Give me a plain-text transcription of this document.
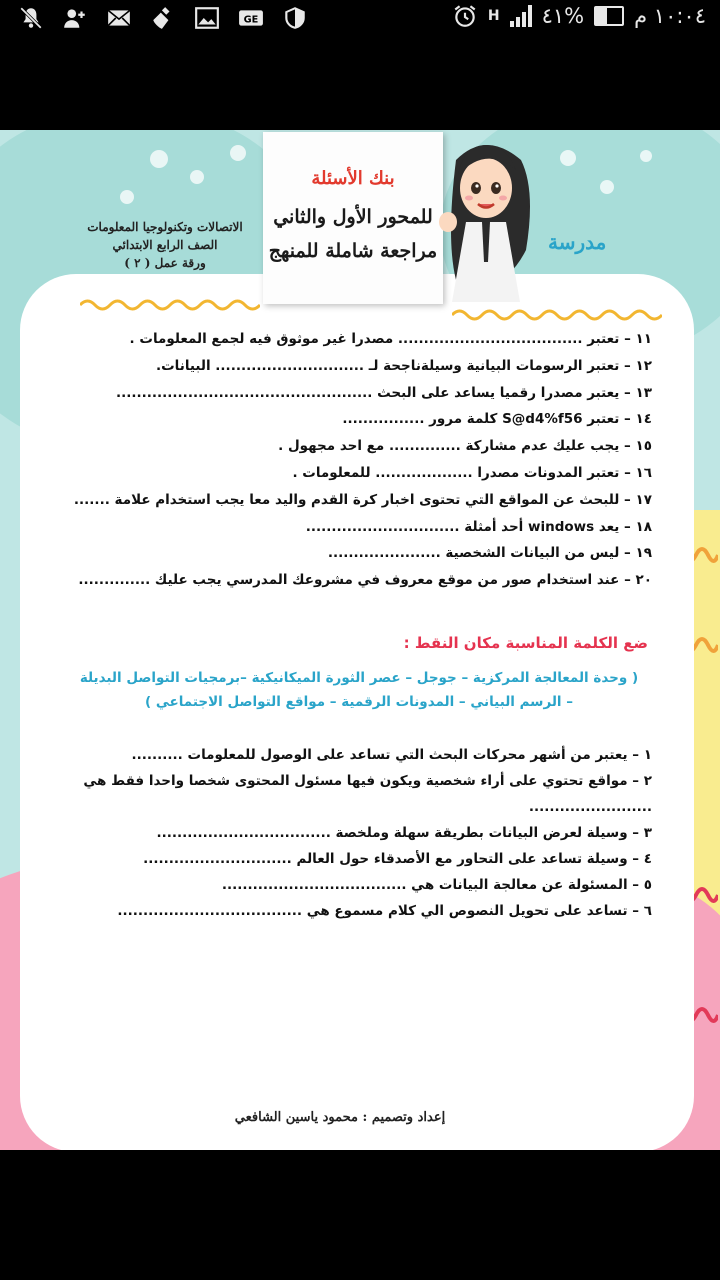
GE	H ٤١% ١٠:٠٤ م
الاتصالات وتكنولوجيا المعلومات
الصف الرابع الابتدائي
ورقة عمل ( ٢ )
مدرسة
بنك الأسئلة
للمحور الأول والثاني
مراجعة شاملة للمنهج
١١ – تعتبر .................................... مصدرا غير موثوق فيه لجمع المعلومات .
١٢ – تعتبر الرسومات البيانية وسيلةناجحة لـ ............................. البيانات.
١٣ – يعتبر مصدرا رقميا يساعد على البحث ..................................................
١٤ – تعتبر S@d4%f56 كلمة مرور ................
١٥ – يجب عليك عدم مشاركة .............. مع احد مجهول .
١٦ – تعتبر المدونات مصدرا ................... للمعلومات .
١٧ – للبحث عن المواقع التي تحتوى اخبار كرة القدم واليد معا يجب استخدام علامة .......
١٨ – يعد windows أحد أمثلة ..............................
١٩ – ليس من البيانات الشخصية ......................
٢٠ – عند استخدام صور من موقع معروف في مشروعك المدرسي يجب عليك ..............
ضع الكلمة المناسبة مكان النقط :
( وحدة المعالجة المركزية – جوجل – عصر الثورة الميكانيكية –برمجيات التواصل البديلة
– الرسم البياني – المدونات الرقمية – مواقع التواصل الاجتماعي )
١ – يعتبر من أشهر محركات البحث التي تساعد على الوصول للمعلومات ..........
٢ – مواقع تحتوي على أراء شخصية ويكون فيها مسئول المحتوى شخصا واحدا فقط هي ........................
٣ – وسيلة لعرض البيانات بطريقة سهلة وملخصة ..................................
٤ – وسيلة تساعد على التحاور مع الأصدقاء حول العالم .............................
٥ – المسئولة عن معالجة البيانات هي ....................................
٦ – تساعد على تحويل النصوص الي كلام مسموع هي ....................................
إعداد وتصميم : محمود ياسين الشافعي
